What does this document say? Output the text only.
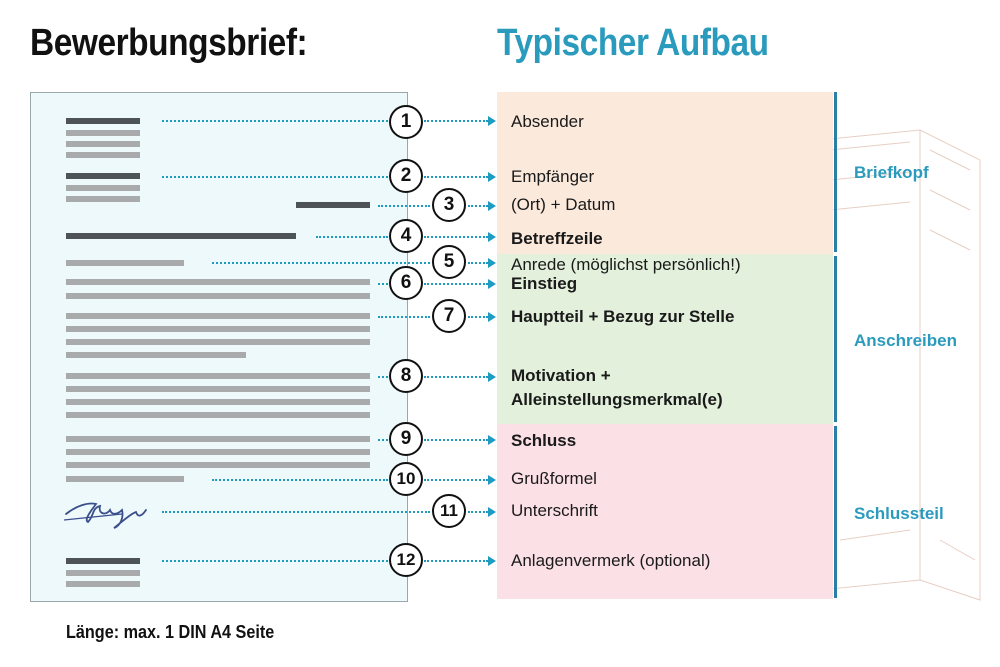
Bewerbungsbrief:	Typischer Aufbau
Briefkopf
Anschreiben
Schlussteil
1	Absender
2	Empfänger
3	(Ort) + Datum
4	Betreffzeile
5	Anrede (möglichst persönlich!)
6	Einstieg
7	Hauptteil + Bezug zur Stelle
8	Motivation +
Alleinstellungsmerkmal(e)
9	Schluss
10	Grußformel
11	Unterschrift
12	Anlagenvermerk (optional)
Länge: max. 1 DIN A4 Seite
